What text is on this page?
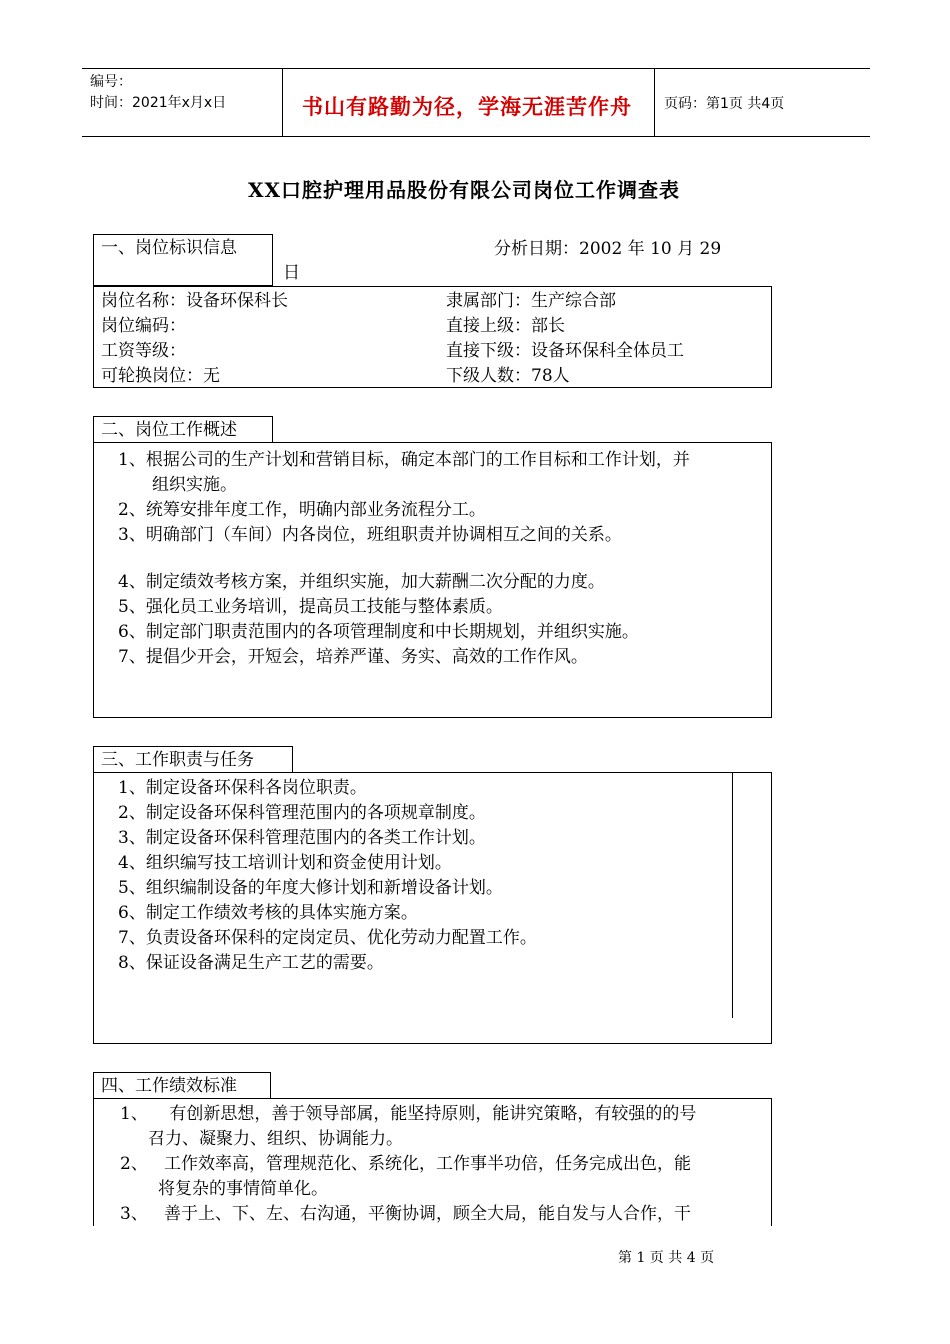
编号：
时间：2021年x月x日	书山有路勤为径，学海无涯苦作舟 页码：第1页 共4页
XX口腔护理用品股份有限公司岗位工作调查表
一、岗位标识信息	分析日期：2002 年 10 月 29
日
岗位名称：设备环保科长
岗位编码：
工资等级：
可轮换岗位：无
隶属部门：生产综合部
直接上级：部长
直接下级：设备环保科全体员工
下级人数：78人
二、岗位工作概述
1、根据公司的生产计划和营销目标，确定本部门的工作目标和工作计划，并
组织实施。
2、统筹安排年度工作，明确内部业务流程分工。
3、明确部门（车间）内各岗位，班组职责并协调相互之间的关系。
4、制定绩效考核方案，并组织实施，加大薪酬二次分配的力度。
5、强化员工业务培训，提高员工技能与整体素质。
6、制定部门职责范围内的各项管理制度和中长期规划，并组织实施。
7、提倡少开会，开短会，培养严谨、务实、高效的工作作风。
三、工作职责与任务
1、制定设备环保科各岗位职责。
2、制定设备环保科管理范围内的各项规章制度。
3、制定设备环保科管理范围内的各类工作计划。
4、组织编写技工培训计划和资金使用计划。
5、组织编制设备的年度大修计划和新增设备计划。
6、制定工作绩效考核的具体实施方案。
7、负责设备环保科的定岗定员、优化劳动力配置工作。
8、保证设备满足生产工艺的需要。
四、工作绩效标准
1、    有创新思想，善于领导部属，能坚持原则，能讲究策略，有较强的的号
召力、凝聚力、组织、协调能力。
2、   工作效率高，管理规范化、系统化，工作事半功倍，任务完成出色，能
将复杂的事情简单化。
3、   善于上、下、左、右沟通，平衡协调，顾全大局，能自发与人合作，干
第 1 页 共 4 页
